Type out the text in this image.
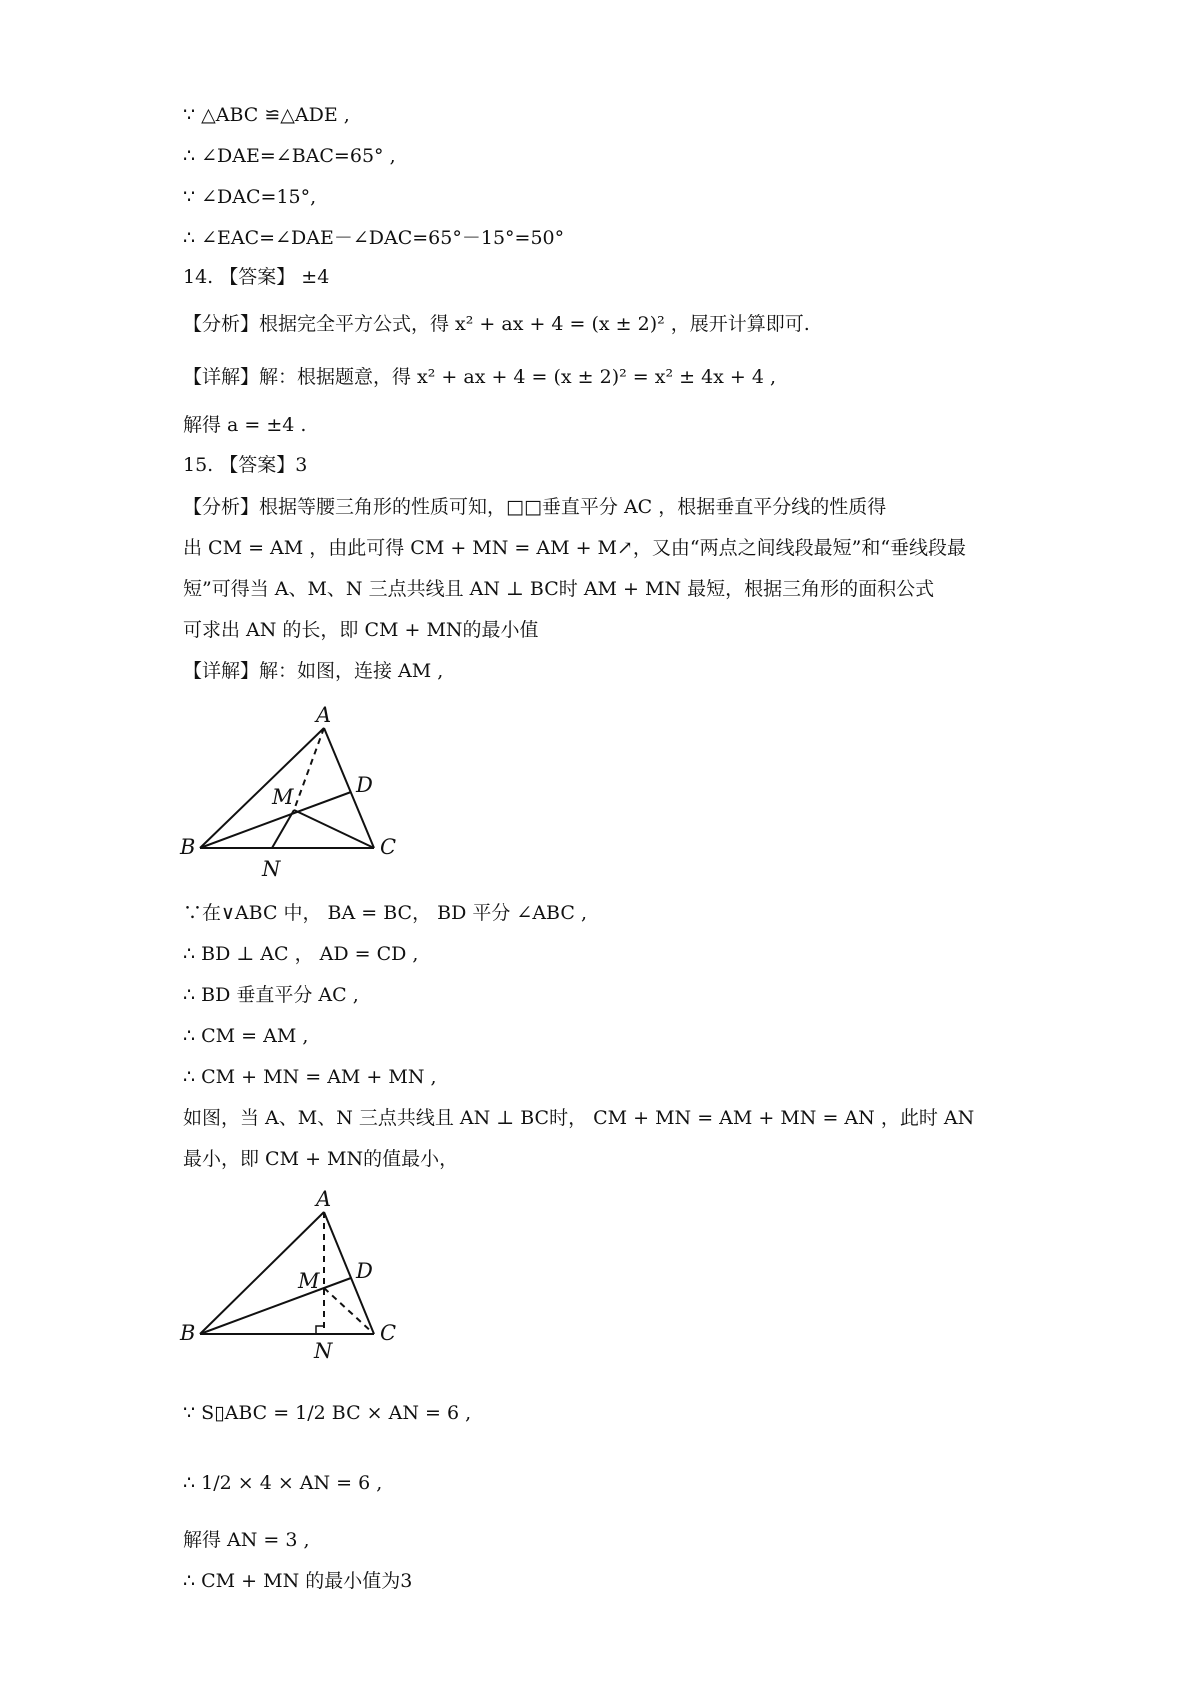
∵ △ABC ≌△ADE ,
∴ ∠DAE=∠BAC=65° ,
∵ ∠DAC=15°,
∴ ∠EAC=∠DAE－∠DAC=65°－15°=50°
14. 【答案】 ±4
【分析】根据完全平方公式，得 x² + ax + 4 = (x ± 2)² ，展开计算即可.
【详解】解：根据题意，得 x² + ax + 4 = (x ± 2)² = x² ± 4x + 4 ,
解得 a = ±4 .
15. 【答案】3
【分析】根据等腰三角形的性质可知，□□垂直平分 AC ，根据垂直平分线的性质得
出 CM = AM ，由此可得 CM + MN = AM + M↗，又由“两点之间线段最短”和“垂线段最
短”可得当 A、M、N 三点共线且 AN ⊥ BC时 AM + MN 最短，根据三角形的面积公式
可求出 AN 的长，即 CM + MN的最小值
【详解】解：如图，连接 AM ,
A
B	C
D
M
N
∵在∨ABC 中， BA = BC， BD 平分 ∠ABC ,
∴ BD ⊥ AC ， AD = CD ,
∴ BD 垂直平分 AC ,
∴ CM = AM ,
∴ CM + MN = AM + MN ,
如图，当 A、M、N 三点共线且 AN ⊥ BC时， CM + MN = AM + MN = AN ，此时 AN
最小，即 CM + MN的值最小，
A
B	C
D
M
N
∵ S▯ABC = 1/2 BC × AN = 6 ,
∴ 1/2 × 4 × AN = 6 ,
解得 AN = 3 ,
∴ CM + MN 的最小值为3
